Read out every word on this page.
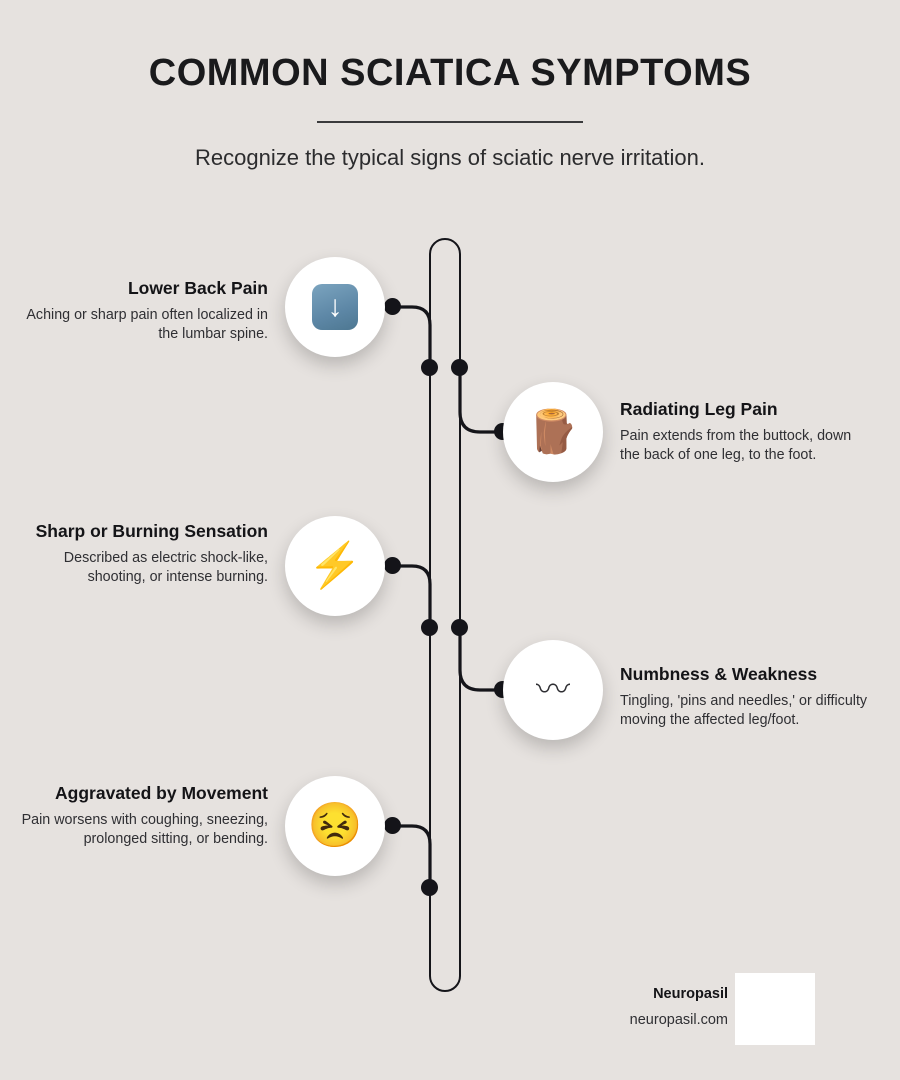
COMMON SCIATICA SYMPTOMS

Recognize the typical signs of sciatic nerve irritation.

↓
Lower Back Pain
Aching or sharp pain often localized in the lumbar spine.
🪵 Radiating Leg Pain
Pain extends from the buttock, down the back of one leg, to the foot.
⚡
Sharp or Burning Sensation
Described as electric shock-like, shooting, or intense burning.
〰	Numbness & Weakness
Tingling, 'pins and needles,' or difficulty moving the affected leg/foot.
😣
Aggravated by Movement
Pain worsens with coughing, sneezing, prolonged sitting, or bending.
Neuropasil
neuropasil.com
